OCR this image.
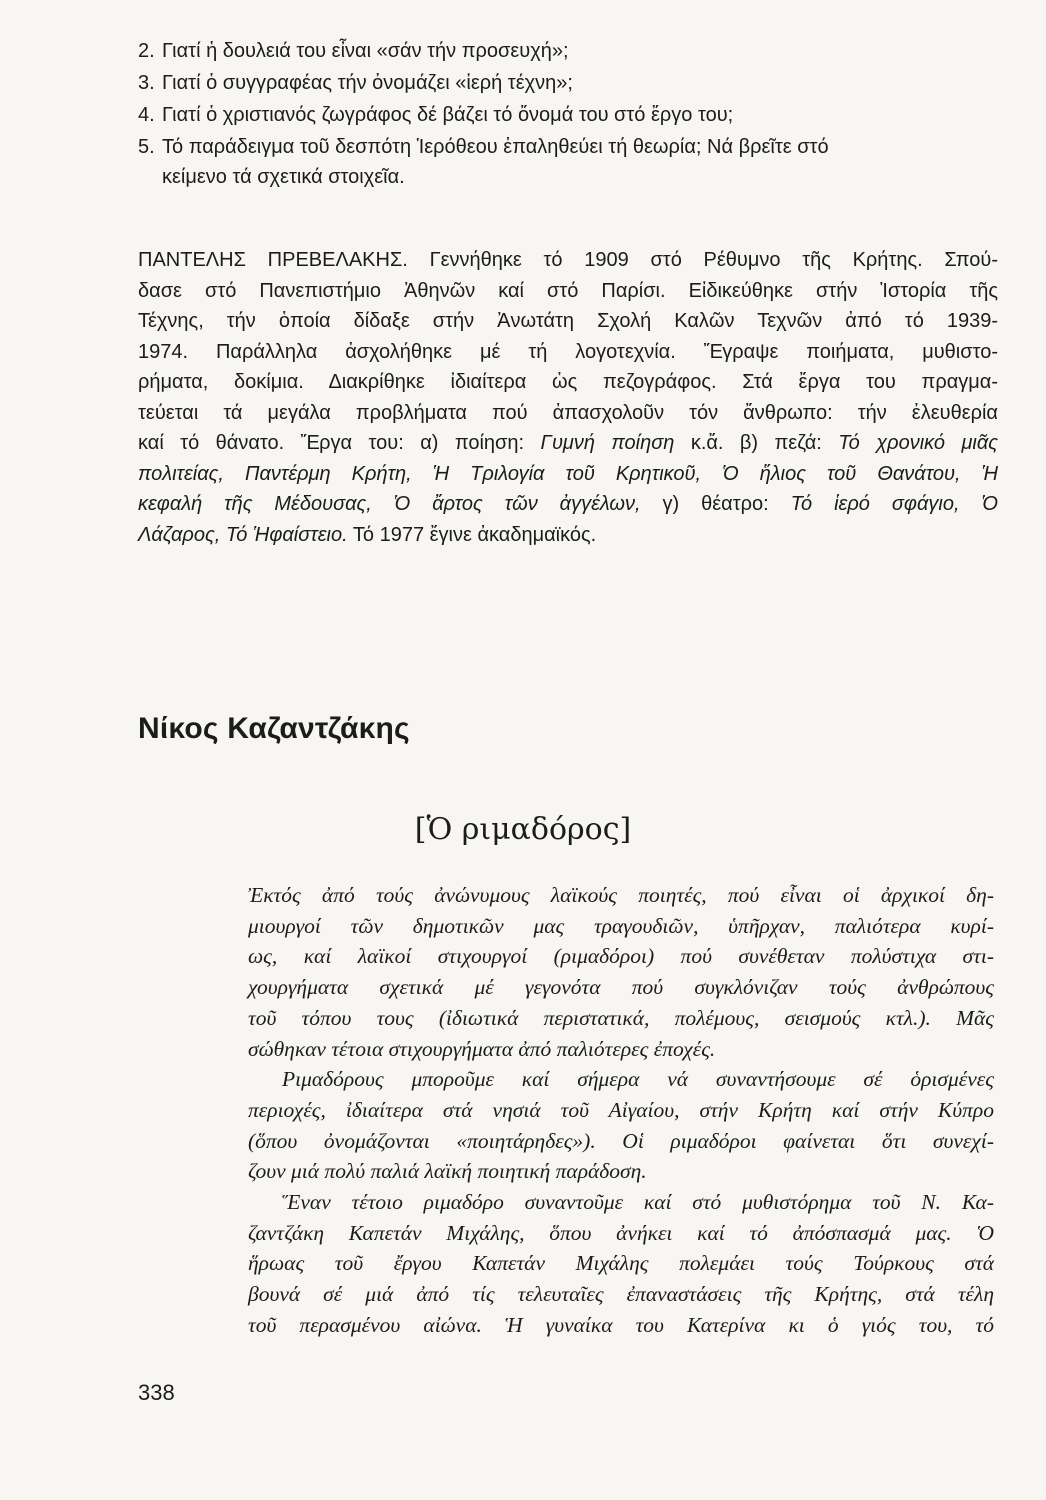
2. Γιατί ἡ δουλειά του εἶναι «σάν τήν προσευχή»;
3. Γιατί ὁ συγγραφέας τήν ὀνομάζει «ἱερή τέχνη»;
4. Γιατί ὁ χριστιανός ζωγράφος δέ βάζει τό ὄνομά του στό ἔργο του;
5. Τό παράδειγμα τοῦ δεσπότη Ἱερόθεου ἐπαληθεύει τή θεωρία; Νά βρεῖτε στό
κείμενο τά σχετικά στοιχεῖα.
ΠΑΝΤΕΛΗΣ ΠΡΕΒΕΛΑΚΗΣ. Γεννήθηκε τό 1909 στό Ρέθυμνο τῆς Κρήτης. Σπού-
δασε στό Πανεπιστήμιο Ἀθηνῶν καί στό Παρίσι. Εἰδικεύθηκε στήν Ἱστορία τῆς
Τέχνης, τήν ὁποία δίδαξε στήν Ἀνωτάτη Σχολή Καλῶν Τεχνῶν ἀπό τό 1939-
1974. Παράλληλα ἀσχολήθηκε μέ τή λογοτεχνία. Ἔγραψε ποιήματα, μυθιστο-
ρήματα, δοκίμια. Διακρίθηκε ἰδιαίτερα ὡς πεζογράφος. Στά ἔργα του πραγμα-
τεύεται τά μεγάλα προβλήματα πού ἀπασχολοῦν τόν ἄνθρωπο: τήν ἐλευθερία
καί τό θάνατο. Ἔργα του: α) ποίηση: Γυμνή ποίηση κ.ἄ. β) πεζά: Τό χρονικό μιᾶς
πολιτείας, Παντέρμη Κρήτη, Ἡ Τριλογία τοῦ Κρητικοῦ, Ὁ ἥλιος τοῦ Θανάτου, Ἡ
κεφαλή τῆς Μέδουσας, Ὁ ἄρτος τῶν ἀγγέλων, γ) θέατρο: Τό ἱερό σφάγιο, Ὁ
Λάζαρος, Τό Ἡφαίστειο. Τό 1977 ἔγινε ἀκαδημαϊκός.
Νίκος Καζαντζάκης
[Ὁ ριμαδόρος]
Ἐκτός ἀπό τούς ἀνώνυμους λαϊκούς ποιητές, πού εἶναι οἱ ἀρχικοί δη-
μιουργοί τῶν δημοτικῶν μας τραγουδιῶν, ὑπῆρχαν, παλιότερα κυρί-
ως, καί λαϊκοί στιχουργοί (ριμαδόροι) πού συνέθεταν πολύστιχα στι-
χουργήματα σχετικά μέ γεγονότα πού συγκλόνιζαν τούς ἀνθρώπους
τοῦ τόπου τους (ἰδιωτικά περιστατικά, πολέμους, σεισμούς κτλ.). Μᾶς
σώθηκαν τέτοια στιχουργήματα ἀπό παλιότερες ἐποχές.
Ριμαδόρους μποροῦμε καί σήμερα νά συναντήσουμε σέ ὁρισμένες
περιοχές, ἰδιαίτερα στά νησιά τοῦ Αἰγαίου, στήν Κρήτη καί στήν Κύπρο
(ὅπου ὀνομάζονται «ποιητάρηδες»). Οἱ ριμαδόροι φαίνεται ὅτι συνεχί-
ζουν μιά πολύ παλιά λαϊκή ποιητική παράδοση.
Ἕναν τέτοιο ριμαδόρο συναντοῦμε καί στό μυθιστόρημα τοῦ Ν. Κα-
ζαντζάκη Καπετάν Μιχάλης, ὅπου ἀνήκει καί τό ἀπόσπασμά μας. Ὁ
ἥρωας τοῦ ἔργου Καπετάν Μιχάλης πολεμάει τούς Τούρκους στά
βουνά σέ μιά ἀπό τίς τελευταῖες ἐπαναστάσεις τῆς Κρήτης, στά τέλη
τοῦ περασμένου αἰώνα. Ἡ γυναίκα του Κατερίνα κι ὁ γιός του, τό
338
